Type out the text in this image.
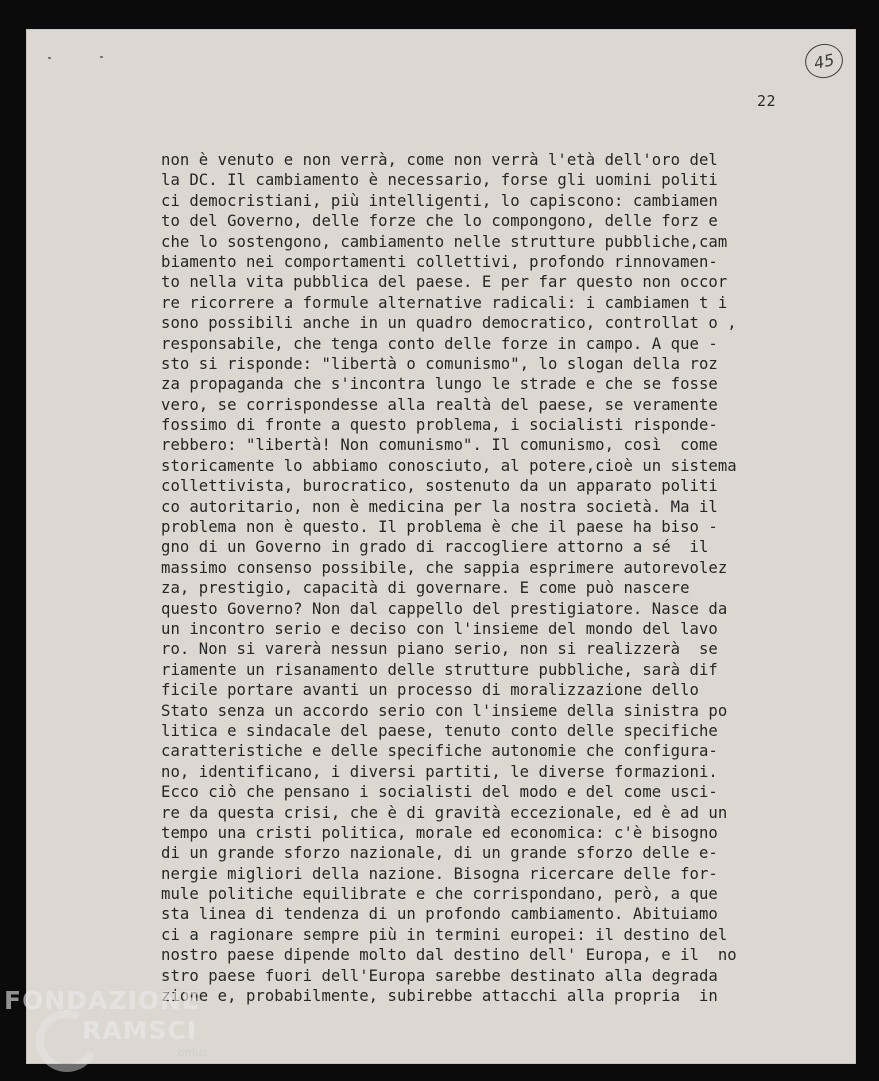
45
22
non è venuto e non verrà, come non verrà l'età dell'oro del
la DC. Il cambiamento è necessario, forse gli uomini politi
ci democristiani, più intelligenti, lo capiscono: cambiamen
to del Governo, delle forze che lo compongono, delle forz e
che lo sostengono, cambiamento nelle strutture pubbliche,cam
biamento nei comportamenti collettivi, profondo rinnovamen-
to nella vita pubblica del paese. E per far questo non occor
re ricorrere a formule alternative radicali: i cambiamen t i
sono possibili anche in un quadro democratico, controllat o ,
responsabile, che tenga conto delle forze in campo. A que -
sto si risponde: "libertà o comunismo", lo slogan della roz
za propaganda che s'incontra lungo le strade e che se fosse
vero, se corrispondesse alla realtà del paese, se veramente
fossimo di fronte a questo problema, i socialisti risponde-
rebbero: "libertà! Non comunismo". Il comunismo, così  come
storicamente lo abbiamo conosciuto, al potere,cioè un sistema
collettivista, burocratico, sostenuto da un apparato politi
co autoritario, non è medicina per la nostra società. Ma il
problema non è questo. Il problema è che il paese ha biso -
gno di un Governo in grado di raccogliere attorno a sé  il
massimo consenso possibile, che sappia esprimere autorevolez
za, prestigio, capacità di governare. E come può nascere
questo Governo? Non dal cappello del prestigiatore. Nasce da
un incontro serio e deciso con l'insieme del mondo del lavo
ro. Non si varerà nessun piano serio, non si realizzerà  se
riamente un risanamento delle strutture pubbliche, sarà dif
ficile portare avanti un processo di moralizzazione dello
Stato senza un accordo serio con l'insieme della sinistra po
litica e sindacale del paese, tenuto conto delle specifiche
caratteristiche e delle specifiche autonomie che configura-
no, identificano, i diversi partiti, le diverse formazioni.
Ecco ciò che pensano i socialisti del modo e del come usci-
re da questa crisi, che è di gravità eccezionale, ed è ad un
tempo una cristi politica, morale ed economica: c'è bisogno
di un grande sforzo nazionale, di un grande sforzo delle e-
nergie migliori della nazione. Bisogna ricercare delle for-
mule politiche equilibrate e che corrispondano, però, a que
sta linea di tendenza di un profondo cambiamento. Abituiamo
ci a ragionare sempre più in termini europei: il destino del
nostro paese dipende molto dal destino dell' Europa, e il  no
stro paese fuori dell'Europa sarebbe destinato alla degrada
zione e, probabilmente, subirebbe attacchi alla propria  in
FONDAZIONE
RAMSCI
onlus
